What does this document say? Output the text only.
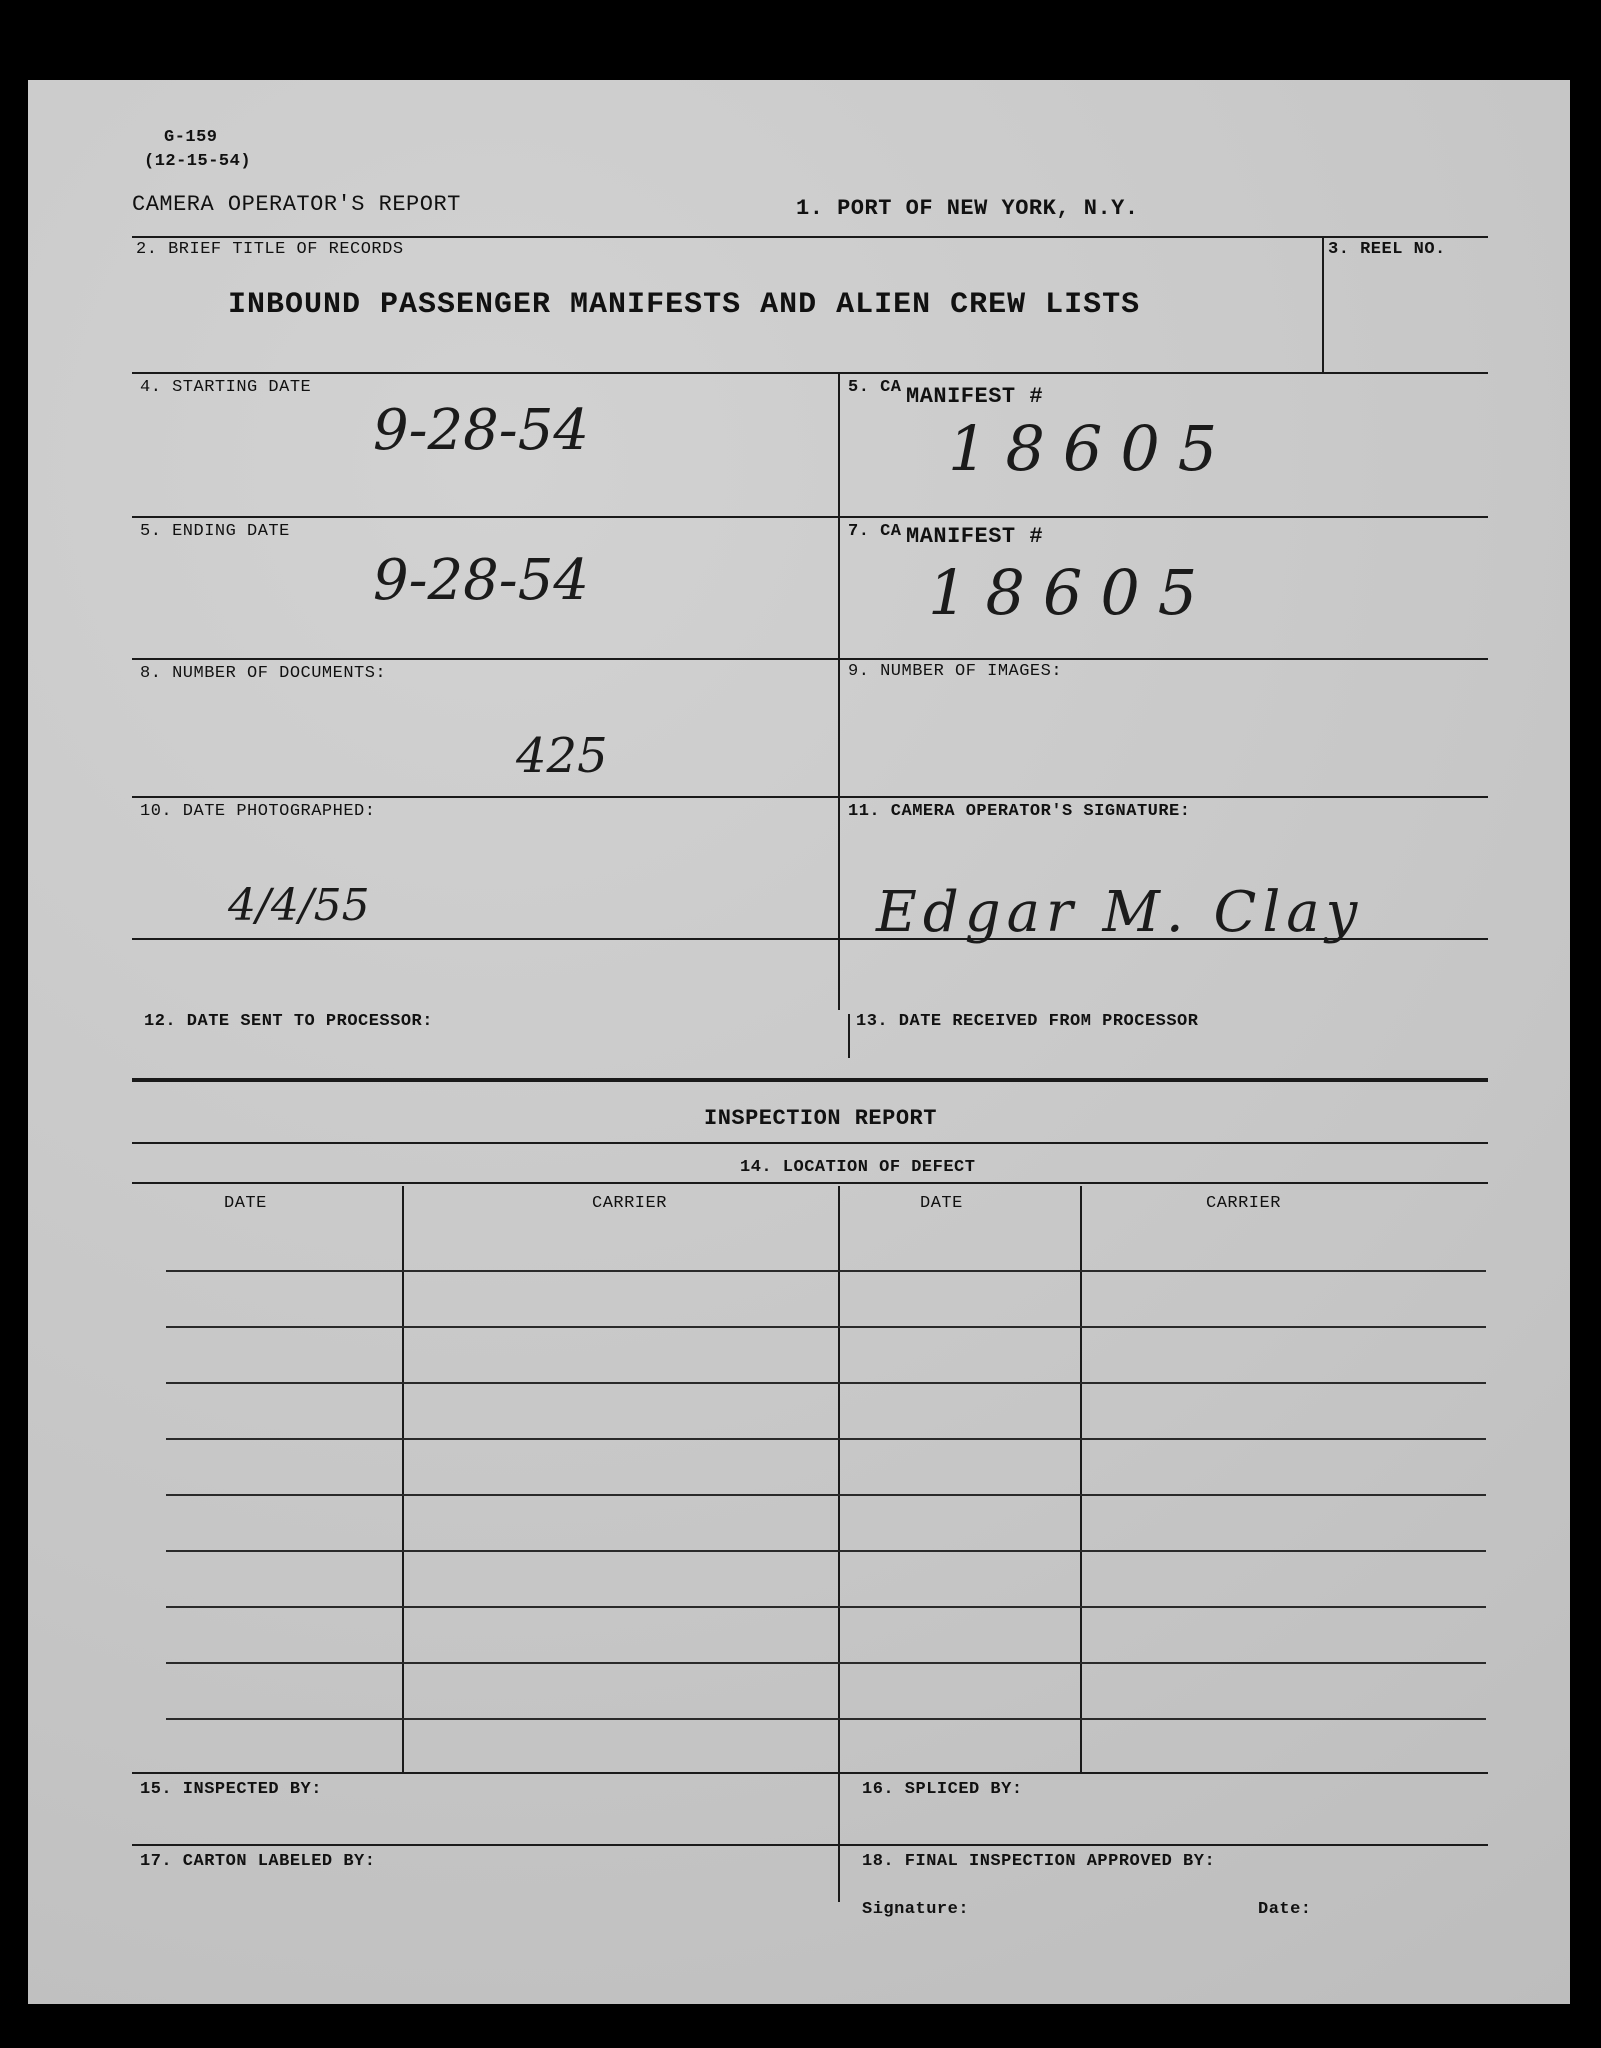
G-159
(12-15-54)
CAMERA OPERATOR'S REPORT	1. PORT OF NEW YORK, N.Y.
2. BRIEF TITLE OF RECORDS
INBOUND PASSENGER MANIFESTS AND ALIEN CREW LISTS
3. REEL NO.
4. STARTING DATE
9-28-54
5. CA MANIFEST #
18605
5. ENDING DATE
9-28-54
7. CA MANIFEST #
18605
8. NUMBER OF DOCUMENTS:
425
9. NUMBER OF IMAGES:
10. DATE PHOTOGRAPHED:
4/4/55
11. CAMERA OPERATOR'S SIGNATURE:
Edgar M. Clay
12. DATE SENT TO PROCESSOR:	13. DATE RECEIVED FROM PROCESSOR
INSPECTION REPORT
14. LOCATION OF DEFECT
DATE	CARRIER	DATE	CARRIER
15. INSPECTED BY:	16. SPLICED BY:
17. CARTON LABELED BY:	18. FINAL INSPECTION APPROVED BY:
Signature:	Date:
